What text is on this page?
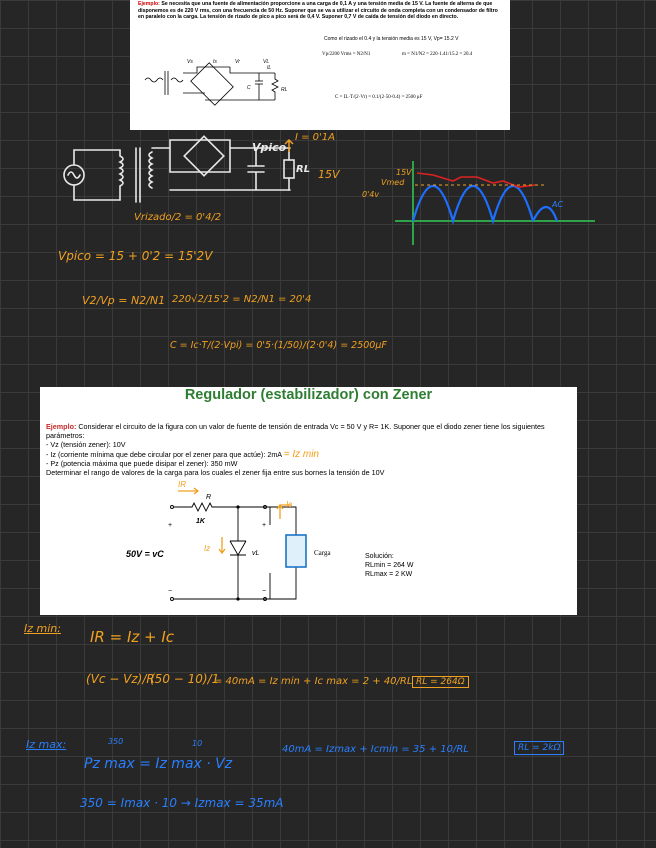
Ejemplo: Se necesita que una fuente de alimentación proporcione a una carga de 0,1 A y una tensión media de 15 V. La fuente de alterna de que disponemos es de 220 V rms, con una frecuencia de 50 Hz. Suponer que se va a utilizar el circuito de onda completa con un condensador de filtro en paralelo con la carga. La tensión de rizado de pico a pico será de 0,4 V. Suponer 0,7 V de caída de tensión del diodo en directo.
Como el rizado el 0.4 y la tensión media es 15 V, Vp= 15.2 V
Vp/2200 Vrms = N2/N1	m = N1/N2 = 220·1.41/15.2 = 20.4
C = IL·T/(2·Vr) = 0.1/(2·50·0.4) = 2500 μF
Vs	Is	Vr	VL
C	RL
IL
Vpico
I = 0'1A
RL 15V	15V
0'4v
Vmed
AC
Vrizado/2 = 0'4/2
Vpico = 15 + 0'2 = 15'2V
V2/Vp = N2/N1 220√2/15'2 = N2/N1 = 20'4
C = Ic·T/(2·Vpi) = 0'5·(1/50)/(2·0'4) = 2500μF
Regulador (estabilizador) con Zener
Ejemplo: Considerar el circuito de la figura con un valor de fuente de tensión de entrada Vc = 50 V y R= 1K. Suponer que el diodo zener tiene los siguientes parámetros:
- Vz (tensión zener): 10V
- Iz (corriente mínima que debe circular por el zener para que actúe): 2mA = Iz min
- Pz (potencia máxima que puede disipar el zener): 350 mW
Determinar el rango de valores de la carga para los cuales el zener fija entre sus bornes la tensión de 10V
R
1K
IR
Iz
Ic
50V = vC	vL	Carga
+
−
+
−
Solución:
RLmin = 264 W
RLmax = 2 KW
Iz min: IR = Iz + Ic
(Vc − Vz)/R
(50 − 10)/1
= 40mA = Iz min + Ic max = 2 + 40/RL RL = 264Ω
Iz max:	350	10
Pz max = Iz max · Vz
40mA = Izmax + Icmin = 35 + 10/RL	RL = 2kΩ
350 = Imax · 10 → Izmax = 35mA
